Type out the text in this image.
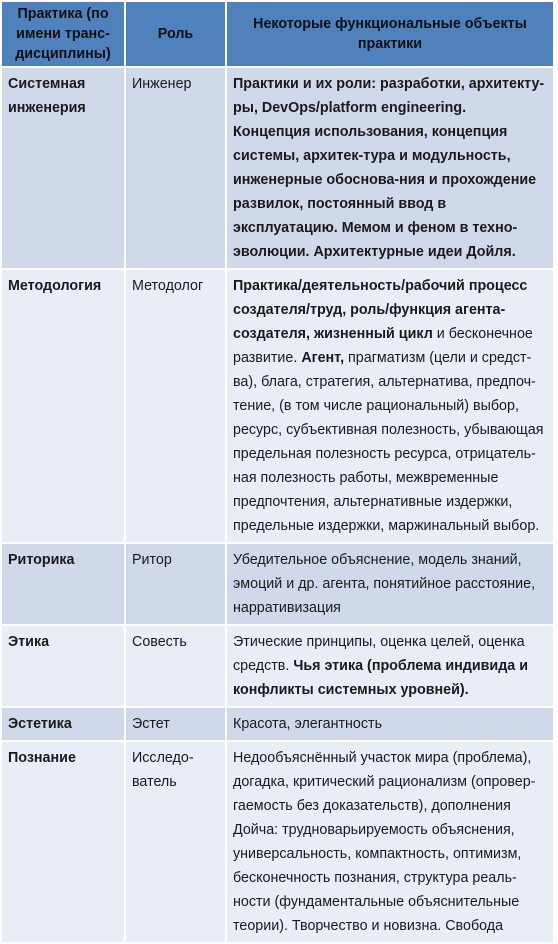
Практика (по имени транс-дисциплины)	Роль	Некоторые функциональные объекты практики
Системная инженерия	Инженер	Практики и их роли: разработки, архитекту-ры, DevOps/platform engineering. Концепция использования, концепция системы, архитек-тура и модульность, инженерные обоснова-ния и прохождение развилок, постоянный ввод в эксплуатацию. Мемом и феном в техно-эволюции. Архитектурные идеи Дойля.
Методология	Методолог	Практика/деятельность/рабочий процесс создателя/труд, роль/функция агента-создателя, жизненный цикл и бесконечное развитие. Агент, прагматизм (цели и средст-ва), блага, стратегия, альтернатива, предпоч-тение, (в том числе рациональный) выбор, ресурс, субъективная полезность, убывающая предельная полезность ресурса, отрицатель-ная полезность работы, межвременные предпочтения, альтернативные издержки, предельные издержки, маржинальный выбор.
Риторика	Ритор	Убедительное объяснение, модель знаний, эмоций и др. агента, понятийное расстояние, нарративизация
Этика	Совесть	Этические принципы, оценка целей, оценка средств. Чья этика (проблема индивида и конфликты системных уровней).
Эстетика	Эстет	Красота, элегантность
Познание	Исследо-ватель	Недообъяснённый участок мира (проблема), догадка, критический рационализм (опровер-гаемость без доказательств), дополнения Дойча: трудноварьируемость объяснения, универсальность, компактность, оптимизм, бесконечность познания, структура реаль-ности (фундаментальные объяснительные теории). Творчество и новизна. Свобода
